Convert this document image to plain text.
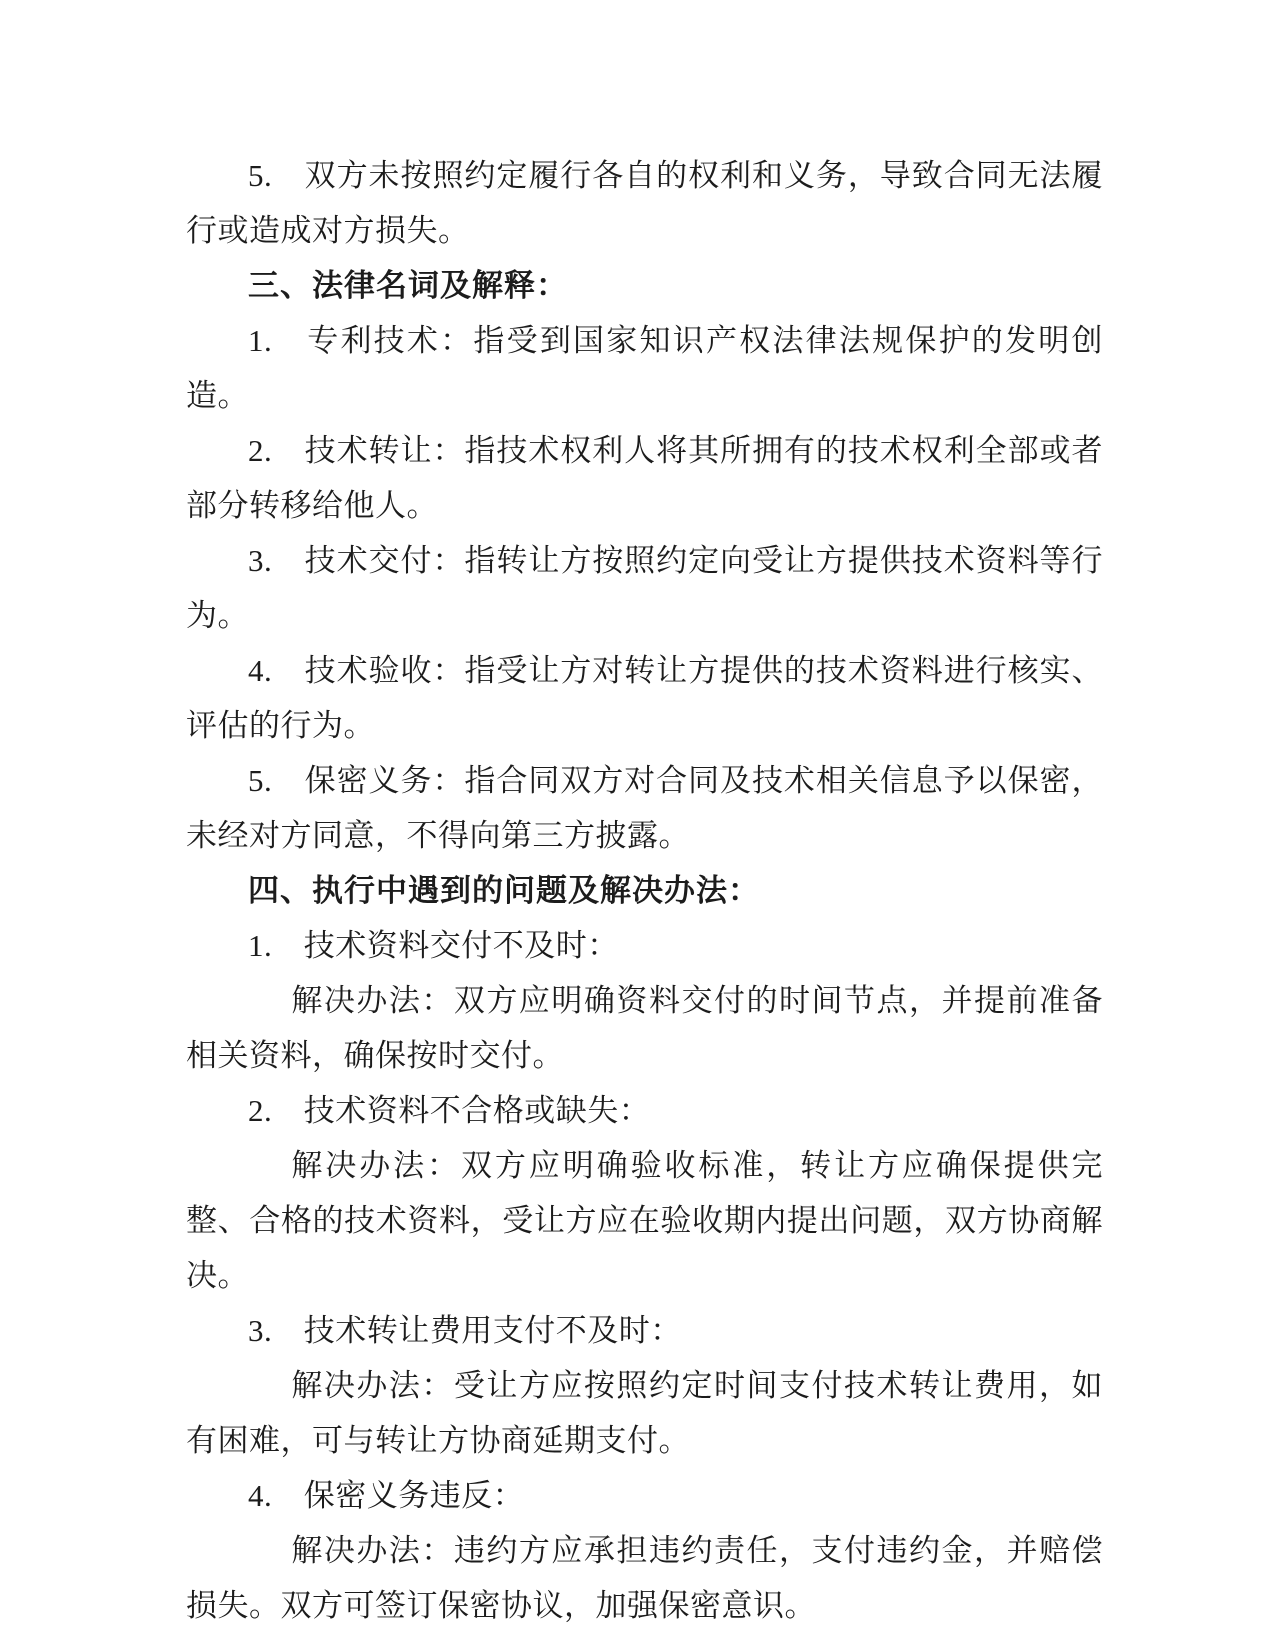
5.　双方未按照约定履行各自的权利和义务，导致合同无法履行或造成对方损失。

三、法律名词及解释：

1.　专利技术：指受到国家知识产权法律法规保护的发明创造。

2.　技术转让：指技术权利人将其所拥有的技术权利全部或者部分转移给他人。

3.　技术交付：指转让方按照约定向受让方提供技术资料等行为。

4.　技术验收：指受让方对转让方提供的技术资料进行核实、评估的行为。

5.　保密义务：指合同双方对合同及技术相关信息予以保密，未经对方同意，不得向第三方披露。

四、执行中遇到的问题及解决办法：

1.　技术资料交付不及时：

解决办法：双方应明确资料交付的时间节点，并提前准备相关资料，确保按时交付。

2.　技术资料不合格或缺失：

解决办法：双方应明确验收标准，转让方应确保提供完整、合格的技术资料，受让方应在验收期内提出问题，双方协商解决。

3.　技术转让费用支付不及时：

解决办法：受让方应按照约定时间支付技术转让费用，如有困难，可与转让方协商延期支付。

4.　保密义务违反：

解决办法：违约方应承担违约责任，支付违约金，并赔偿损失。双方可签订保密协议，加强保密意识。
